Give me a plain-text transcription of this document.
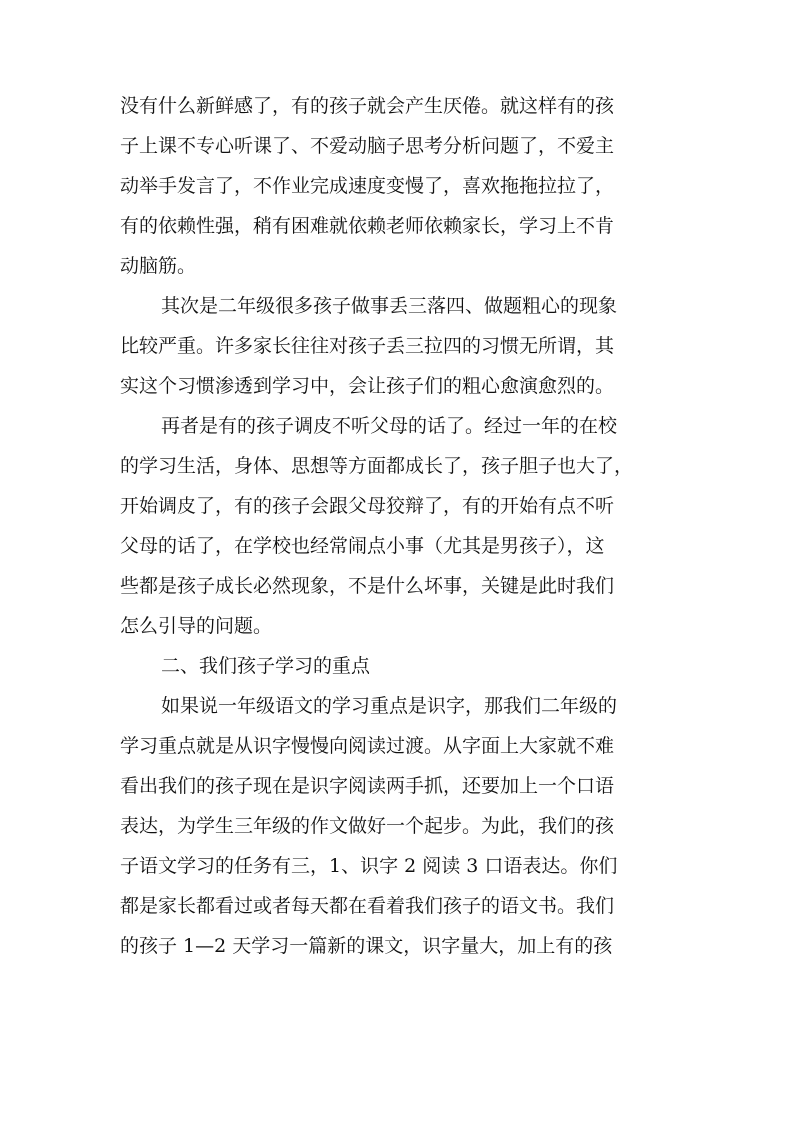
没有什么新鲜感了，有的孩子就会产生厌倦。就这样有的孩
子上课不专心听课了、不爱动脑子思考分析问题了，不爱主
动举手发言了，不作业完成速度变慢了，喜欢拖拖拉拉了，
有的依赖性强，稍有困难就依赖老师依赖家长，学习上不肯
动脑筋。
其次是二年级很多孩子做事丢三落四、做题粗心的现象
比较严重。许多家长往往对孩子丢三拉四的习惯无所谓，其
实这个习惯渗透到学习中，会让孩子们的粗心愈演愈烈的。
再者是有的孩子调皮不听父母的话了。经过一年的在校
的学习生活，身体、思想等方面都成长了，孩子胆子也大了，
开始调皮了，有的孩子会跟父母狡辩了，有的开始有点不听
父母的话了，在学校也经常闹点小事（尤其是男孩子），这
些都是孩子成长必然现象，不是什么坏事，关键是此时我们
怎么引导的问题。
二、我们孩子学习的重点
如果说一年级语文的学习重点是识字，那我们二年级的
学习重点就是从识字慢慢向阅读过渡。从字面上大家就不难
看出我们的孩子现在是识字阅读两手抓，还要加上一个口语
表达，为学生三年级的作文做好一个起步。为此，我们的孩
子语文学习的任务有三，1、识字 2 阅读 3 口语表达。你们
都是家长都看过或者每天都在看着我们孩子的语文书。我们
的孩子 1—2 天学习一篇新的课文，识字量大，加上有的孩
